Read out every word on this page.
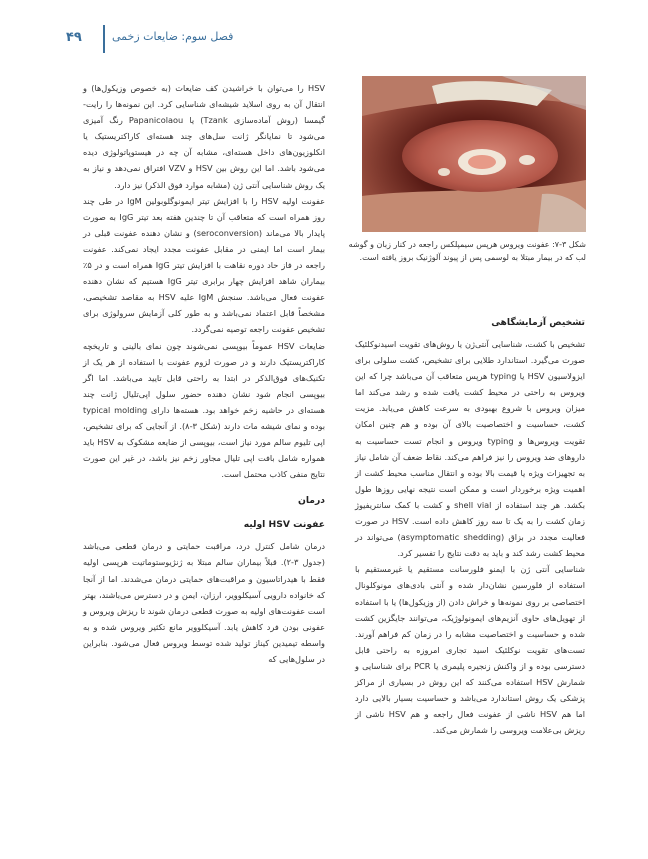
۴۹	فصل سوم: ضایعات زخمی
شکل ۳-۷: عفونت ویروس هرپس سیمپلکس راجعه در کنار زبان و گوشه لب که در بیمار مبتلا به لوسمی پس از پیوند آلوژنیک بروز یافته است.

HSV را می‌توان با خراشیدن کف ضایعات (به خصوص وزیکول‌ها) و انتقال آن به روی اسلاید شیشه‌ای شناسایی کرد. این نمونه‌ها را رایت- گیمسا (روش آماده‌سازی Tzank) یا Papanicolaou رنگ آمیزی می‌شود تا نمایانگر ژانت سل‌های چند هسته‌ای کاراکتریستیک یا انکلوزیون‌های داخل هسته‌ای، مشابه آن چه در هیستوپاتولوژی دیده می‌شود باشد. اما این روش بین HSV و VZV افتراق نمی‌دهد و نیاز به یک روش شناسایی آنتی ژن (مشابه موارد فوق الذکر) نیز دارد.

عفونت اولیه HSV را با افزایش تیتر ایمونوگلوبولین IgM در طی چند روز همراه است که متعاقب آن تا چندین هفته بعد تیتر IgG به صورت پایدار بالا می‌ماند (seroconversion) و نشان دهنده عفونت قبلی در بیمار است اما ایمنی در مقابل عفونت مجدد ایجاد نمی‌کند. عفونت راجعه در فاز حاد دوره نقاهت با افزایش تیتر IgG همراه است و در ۵٪ بیماران شاهد افزایش چهار برابری تیتر IgG هستیم که نشان دهنده عفونت فعال می‌باشد. سنجش IgM علیه HSV به مقاصد تشخیصی، مشخصاً قابل اعتماد نمی‌باشد و به طور کلی آزمایش سرولوژی برای تشخیص عفونت راجعه توصیه نمی‌گردد.

ضایعات HSV عموماً بیوپسی نمی‌شوند چون نمای بالینی و تاریخچه کاراکتریستیک دارند و در صورت لزوم عفونت با استفاده از هر یک از تکنیک‌های فوق‌الذکر در ابتدا به راحتی قابل تایید می‌باشد. اما اگر بیوپسی انجام شود نشان دهنده حضور سلول اپی‌تلیال ژانت چند هسته‌ای در حاشیه زخم خواهد بود. هسته‌ها دارای typical molding بوده و نمای شیشه مات دارند (شکل ۳-۸). از آنجایی که برای تشخیص، اپی تلیوم سالم مورد نیاز است، بیوپسی از ضایعه مشکوک به HSV باید همواره شامل بافت اپی تلیال مجاور زخم نیز باشد، در غیر این صورت نتایج منفی کاذب محتمل است.

درمان
عفونت HSV اولیه

درمان شامل کنترل درد، مراقبت حمایتی و درمان قطعی می‌باشد (جدول ۳-۲). قبلاً بیماران سالم مبتلا به ژنژیوستوماتیت هرپسی اولیه فقط با هیدراتاسیون و مراقبت‌های حمایتی درمان می‌شدند. اما از آنجا که خانواده دارویی آسیکلوویر، ارزان، ایمن و در دسترس می‌باشند، بهتر است عفونت‌های اولیه به صورت قطعی درمان شوند تا ریزش ویروس و عفونی بودن فرد کاهش یابد. آسیکلوویر مانع تکثیر ویروس شده و به واسطه تیمیدین کیناز تولید شده توسط ویروس فعال می‌شود. بنابراین در سلول‌هایی که

تشخیص آزمایشگاهی

تشخیص با کشت، شناسایی آنتی‌ژن یا روش‌های تقویت اسیدنوکلئیک صورت می‌گیرد. استاندارد طلایی برای تشخیص، کشت سلولی برای ایزولاسیون HSV یا typing هرپس متعاقب آن می‌باشد چرا که این ویروس به راحتی در محیط کشت یافت شده و رشد می‌کند اما میزان ویروس با شروع بهبودی به سرعت کاهش می‌یابد. مزیت کشت، حساسیت و اختصاصیت بالای آن بوده و هم چنین امکان تقویت ویروس‌ها و typing ویروس و انجام تست حساسیت به داروهای ضد ویروس را نیز فراهم می‌کند. نقاط ضعف آن شامل نیاز به تجهیزات ویژه یا قیمت بالا بوده و انتقال مناسب محیط کشت از اهمیت ویژه برخوردار است و ممکن است نتیجه نهایی روزها طول بکشد. هر چند استفاده از shell vial و کشت با کمک سانتریفیوژ زمان کشت را به یک تا سه روز کاهش داده است. HSV در صورت فعالیت مجدد در بزاق (asymptomatic shedding) می‌تواند در محیط کشت رشد کند و باید به دقت نتایج را تفسیر کرد.

شناسایی آنتی ژن با ایمنو فلورسانت مستقیم یا غیرمستقیم با استفاده از فلورسین نشان‌دار شده و آنتی بادی‌های مونوکلونال اختصاصی بر روی نمونه‌ها و خراش دادن (از وزیکول‌ها) یا با استفاده از تهویل‌های حاوی آنزیم‌های ایمونولوژیک، می‌توانند جایگزین کشت شده و حساسیت و اختصاصیت مشابه را در زمان کم فراهم آورند. تست‌های تقویت نوکلئیک اسید تجاری امروزه به راحتی قابل دسترسی بوده و از واکنش زنجیره پلیمری یا PCR برای شناسایی و شمارش HSV استفاده می‌کنند که این روش در بسیاری از مراکز پزشکی یک روش استاندارد می‌باشد و حساسیت بسیار بالایی دارد اما هم HSV ناشی از عفونت فعال راجعه و هم HSV ناشی از ریزش بی‌علامت ویروسی را شمارش می‌کند.
